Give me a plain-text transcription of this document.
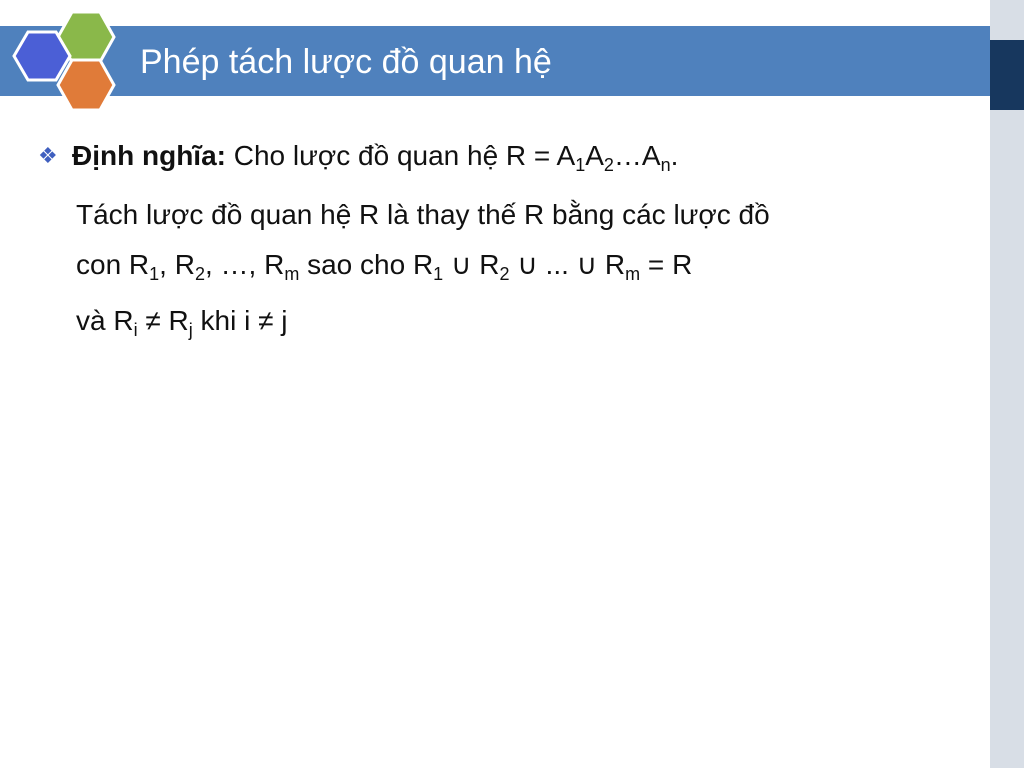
Phép tách lược đồ quan hệ
❖ Định nghĩa: Cho lược đồ quan hệ $R = A_1A_2\dots A_n$.
Tách lược đồ quan hệ R là thay thế R bằng các lược đồ
con $R_1$, $R_2$, …, $R_m$ sao cho $R_1$ ∪ $R_2$ ∪ ... ∪ $R_m = R$
và $R_i \ne R_j$ khi i ≠ j
